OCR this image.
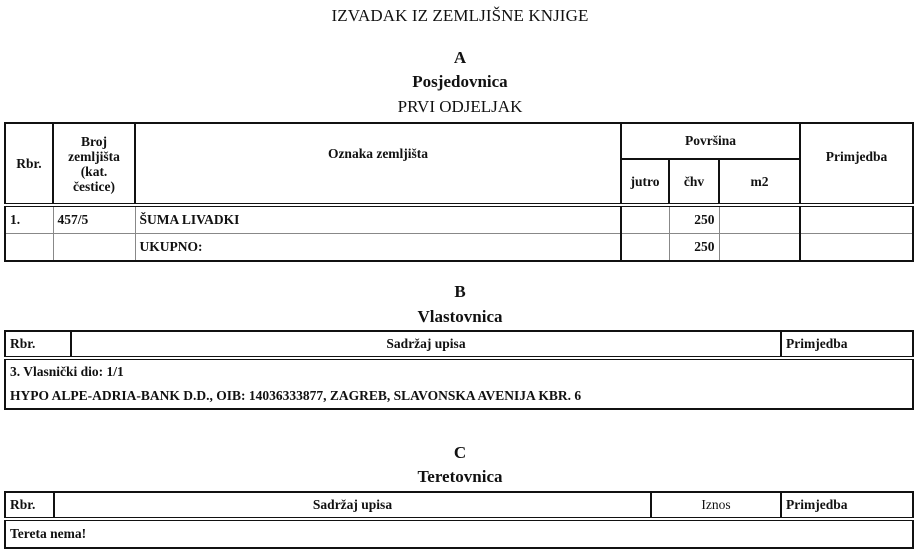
IZVADAK IZ ZEMLJIŠNE KNJIGE
A
Posjedovnica
PRVI ODJELJAK
Rbr.	Broj
zemljišta
(kat.
čestice)	Oznaka zemljišta	Površina			Primjedba
			jutro	čhv	m2	
1.	457/5	ŠUMA LIVADKI		250		
		UKUPNO:		250		
B
Vlastovnica
Rbr.	Sadržaj upisa	Primjedba
3. Vlasnički dio: 1/1
HYPO ALPE-ADRIA-BANK D.D., OIB: 14036333877, ZAGREB, SLAVONSKA AVENIJA KBR. 6
C
Teretovnica
Rbr.	Sadržaj upisa	Iznos	Primjedba
Tereta nema!
